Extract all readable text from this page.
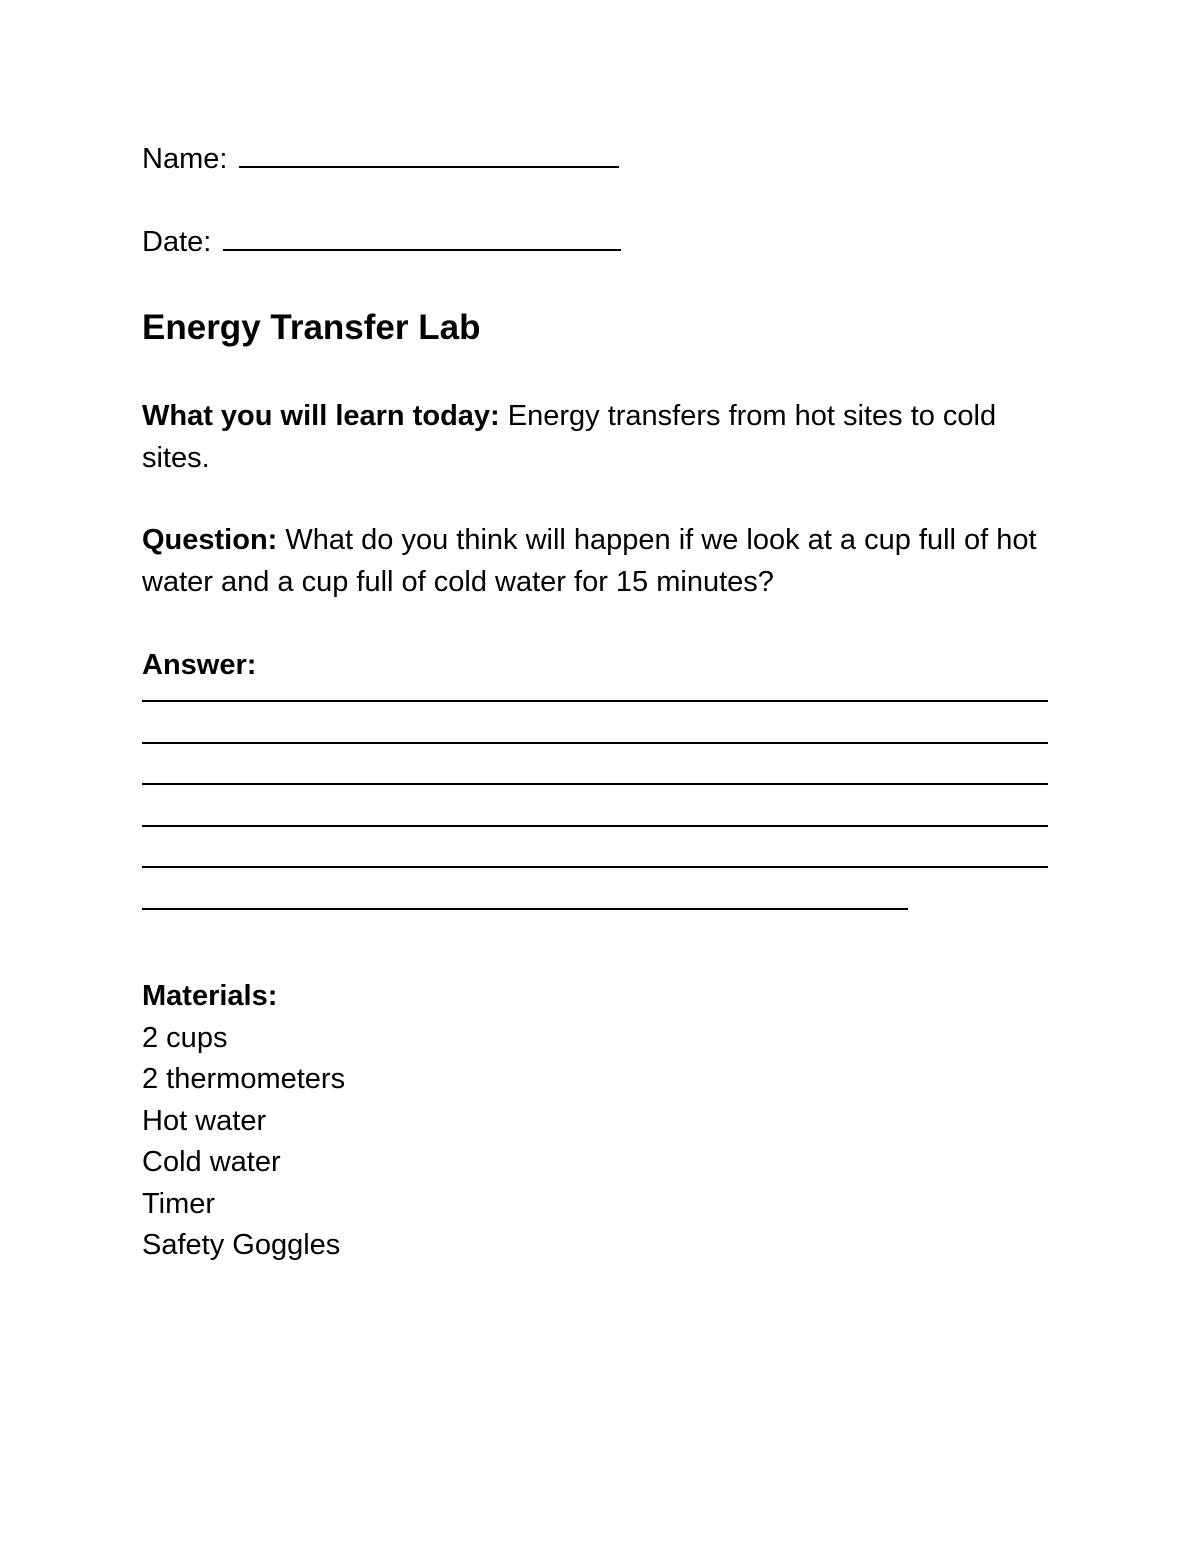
Name:
Date:
Energy Transfer Lab

What you will learn today: Energy transfers from hot sites to cold sites.

Question: What do you think will happen if we look at a cup full of hot water and a cup full of cold water for 15 minutes?

Answer:
Materials:
2 cups
2 thermometers
Hot water
Cold water
Timer
Safety Goggles
